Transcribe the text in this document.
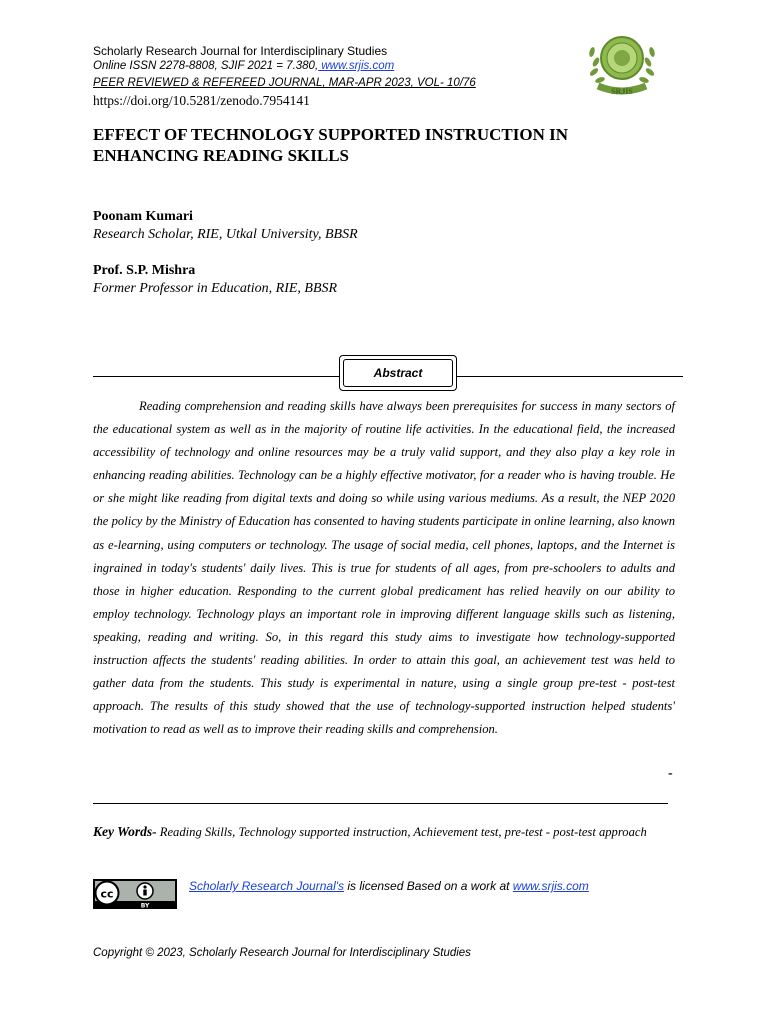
Scholarly Research Journal for Interdisciplinary Studies
Online ISSN 2278-8808, SJIF 2021 = 7.380, www.srjis.com
PEER REVIEWED & REFEREED JOURNAL, MAR-APR 2023, VOL- 10/76
https://doi.org/10.5281/zenodo.7954141
SRJIS
EFFECT OF TECHNOLOGY SUPPORTED INSTRUCTION IN
ENHANCING READING SKILLS
Poonam Kumari
Research Scholar, RIE, Utkal University, BBSR
Prof. S.P. Mishra
Former Professor in Education, RIE, BBSR
Abstract

Reading comprehension and reading skills have always been prerequisites for success in many sectors of the educational system as well as in the majority of routine life activities. In the educational field, the increased accessibility of technology and online resources may be a truly valid support, and they also play a key role in enhancing reading abilities. Technology can be a highly effective motivator, for a reader who is having trouble. He or she might like reading from digital texts and doing so while using various mediums. As a result, the NEP 2020 the policy by the Ministry of Education has consented to having students participate in online learning, also known as e-learning, using computers or technology. The usage of social media, cell phones, laptops, and the Internet is ingrained in today's students' daily lives. This is true for students of all ages, from pre-schoolers to adults and those in higher education. Responding to the current global predicament has relied heavily on our ability to employ technology. Technology plays an important role in improving different language skills such as listening, speaking, reading and writing. So, in this regard this study aims to investigate how technology-supported instruction affects the students' reading abilities. In order to attain this goal, an achievement test was held to gather data from the students. This study is experimental in nature, using a single group pre-test - post-test approach. The results of this study showed that the use of technology-supported instruction helped students' motivation to read as well as to improve their reading skills and comprehension.

-
Key Words- Reading Skills, Technology supported instruction, Achievement test, pre-test - post-test approach
cc
BY
Scholarly Research Journal's is licensed Based on a work at www.srjis.com
Copyright © 2023, Scholarly Research Journal for Interdisciplinary Studies
